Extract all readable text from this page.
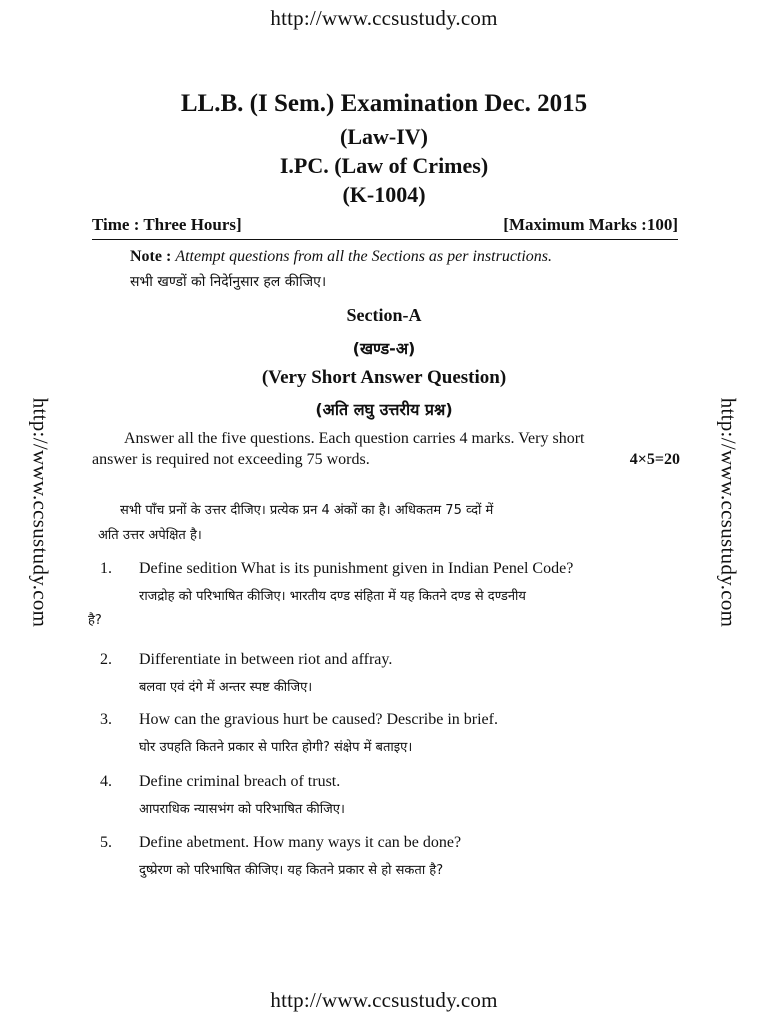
http://www.ccsustudy.com
http://www.ccsustudy.com	http://www.ccsustudy.com
LL.B. (I Sem.) Examination Dec. 2015
(Law-IV)
I.PC. (Law of Crimes)
(K-1004)
Time : Three Hours]	[Maximum Marks :100]
Note : Attempt questions from all the Sections as per instructions.
सभी खण्डों को निर्देानुसार हल कीजिए।
Section-A
(खण्ड-अ)
(Very Short Answer Question)
(अति लघु उत्तरीय प्रश्न)
Answer all the five questions. Each question carries 4 marks. Very short
answer is required not exceeding 75 words.	4×5=20
सभी पाँच प्रनों के उत्तर दीजिए। प्रत्येक प्रन 4 अंकों का है। अधिकतम 75 व्दों में
अति उत्तर अपेक्षित है।
1. Define sedition What is its punishment given in Indian Penel Code?
राजद्रोह को परिभाषित कीजिए। भारतीय दण्ड संहिता में यह कितने दण्ड से दण्डनीय
है?
2. Differentiate in between riot and affray.
बलवा एवं दंगे में अन्तर स्पष्ट कीजिए।
3. How can the gravious hurt be caused? Describe in brief.
घोर उपहति कितने प्रकार से पारित होगी? संक्षेप में बताइए।
4. Define criminal breach of trust.
आपराधिक न्यासभंग को परिभाषित कीजिए।
5. Define abetment. How many ways it can be done?
दुष्प्रेरण को परिभाषित कीजिए। यह कितने प्रकार से हो सकता है?
http://www.ccsustudy.com
